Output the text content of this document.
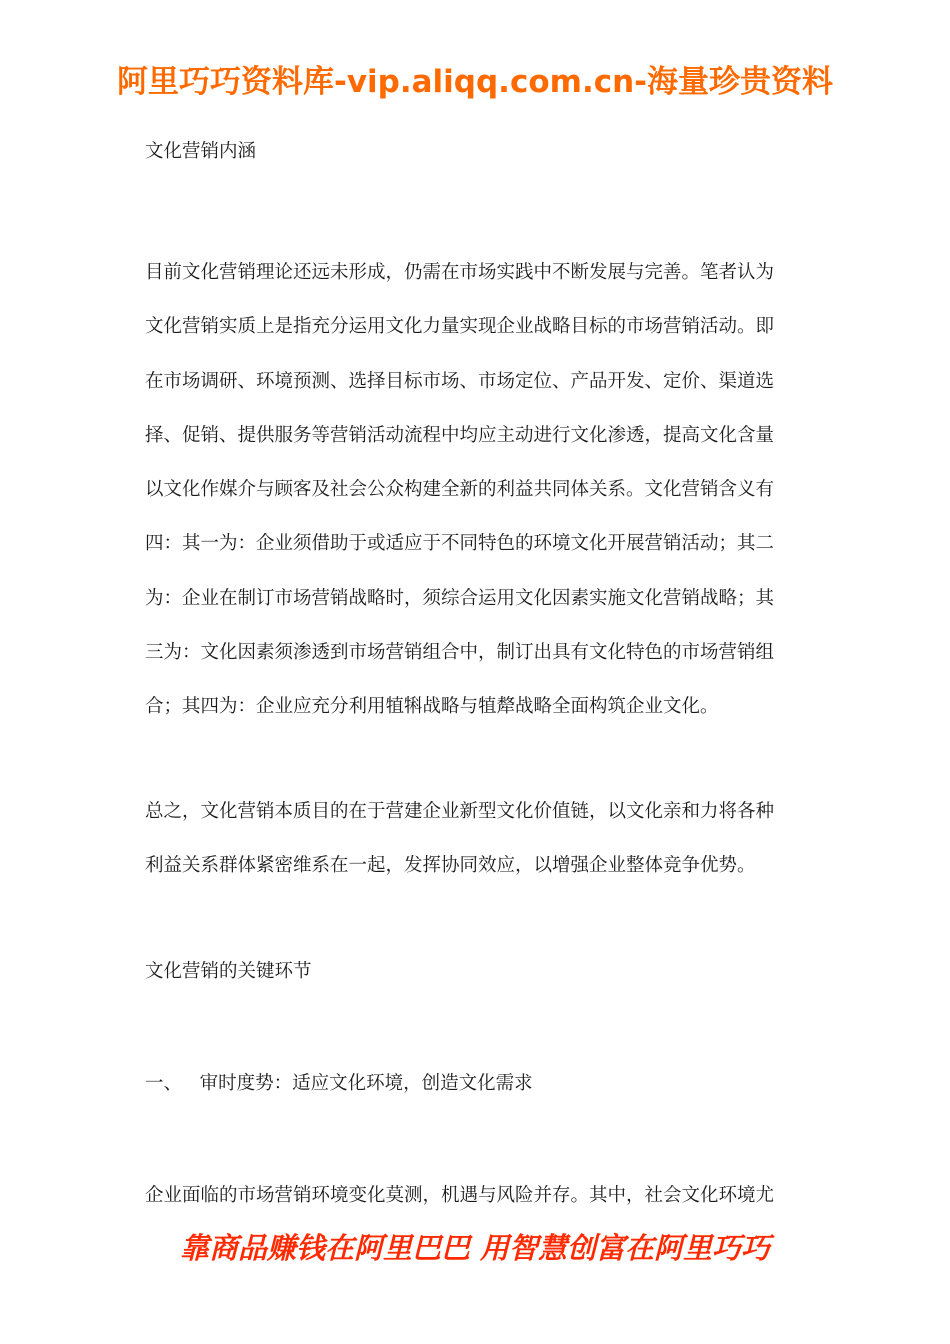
阿里巧巧资料库-vip.aliqq.com.cn-海量珍贵资料
文化营销内涵
目前文化营销理论还远未形成，仍需在市场实践中不断发展与完善。笔者认为
文化营销实质上是指充分运用文化力量实现企业战略目标的市场营销活动。即
在市场调研、环境预测、选择目标市场、市场定位、产品开发、定价、渠道选
择、促销、提供服务等营销活动流程中均应主动进行文化渗透，提高文化含量
以文化作媒介与顾客及社会公众构建全新的利益共同体关系。文化营销含义有
四：其一为：企业须借助于或适应于不同特色的环境文化开展营销活动；其二
为：企业在制订市场营销战略时，须综合运用文化因素实施文化营销战略；其
三为：文化因素须渗透到市场营销组合中，制订出具有文化特色的市场营销组
合；其四为：企业应充分利用犆犐战略与犆犛战略全面构筑企业文化。
总之，文化营销本质目的在于营建企业新型文化价值链，以文化亲和力将各种
利益关系群体紧密维系在一起，发挥协同效应，以增强企业整体竞争优势。
文化营销的关键环节
一、   审时度势：适应文化环境，创造文化需求
企业面临的市场营销环境变化莫测，机遇与风险并存。其中，社会文化环境尤
靠商品赚钱在阿里巴巴 用智慧创富在阿里巧巧
